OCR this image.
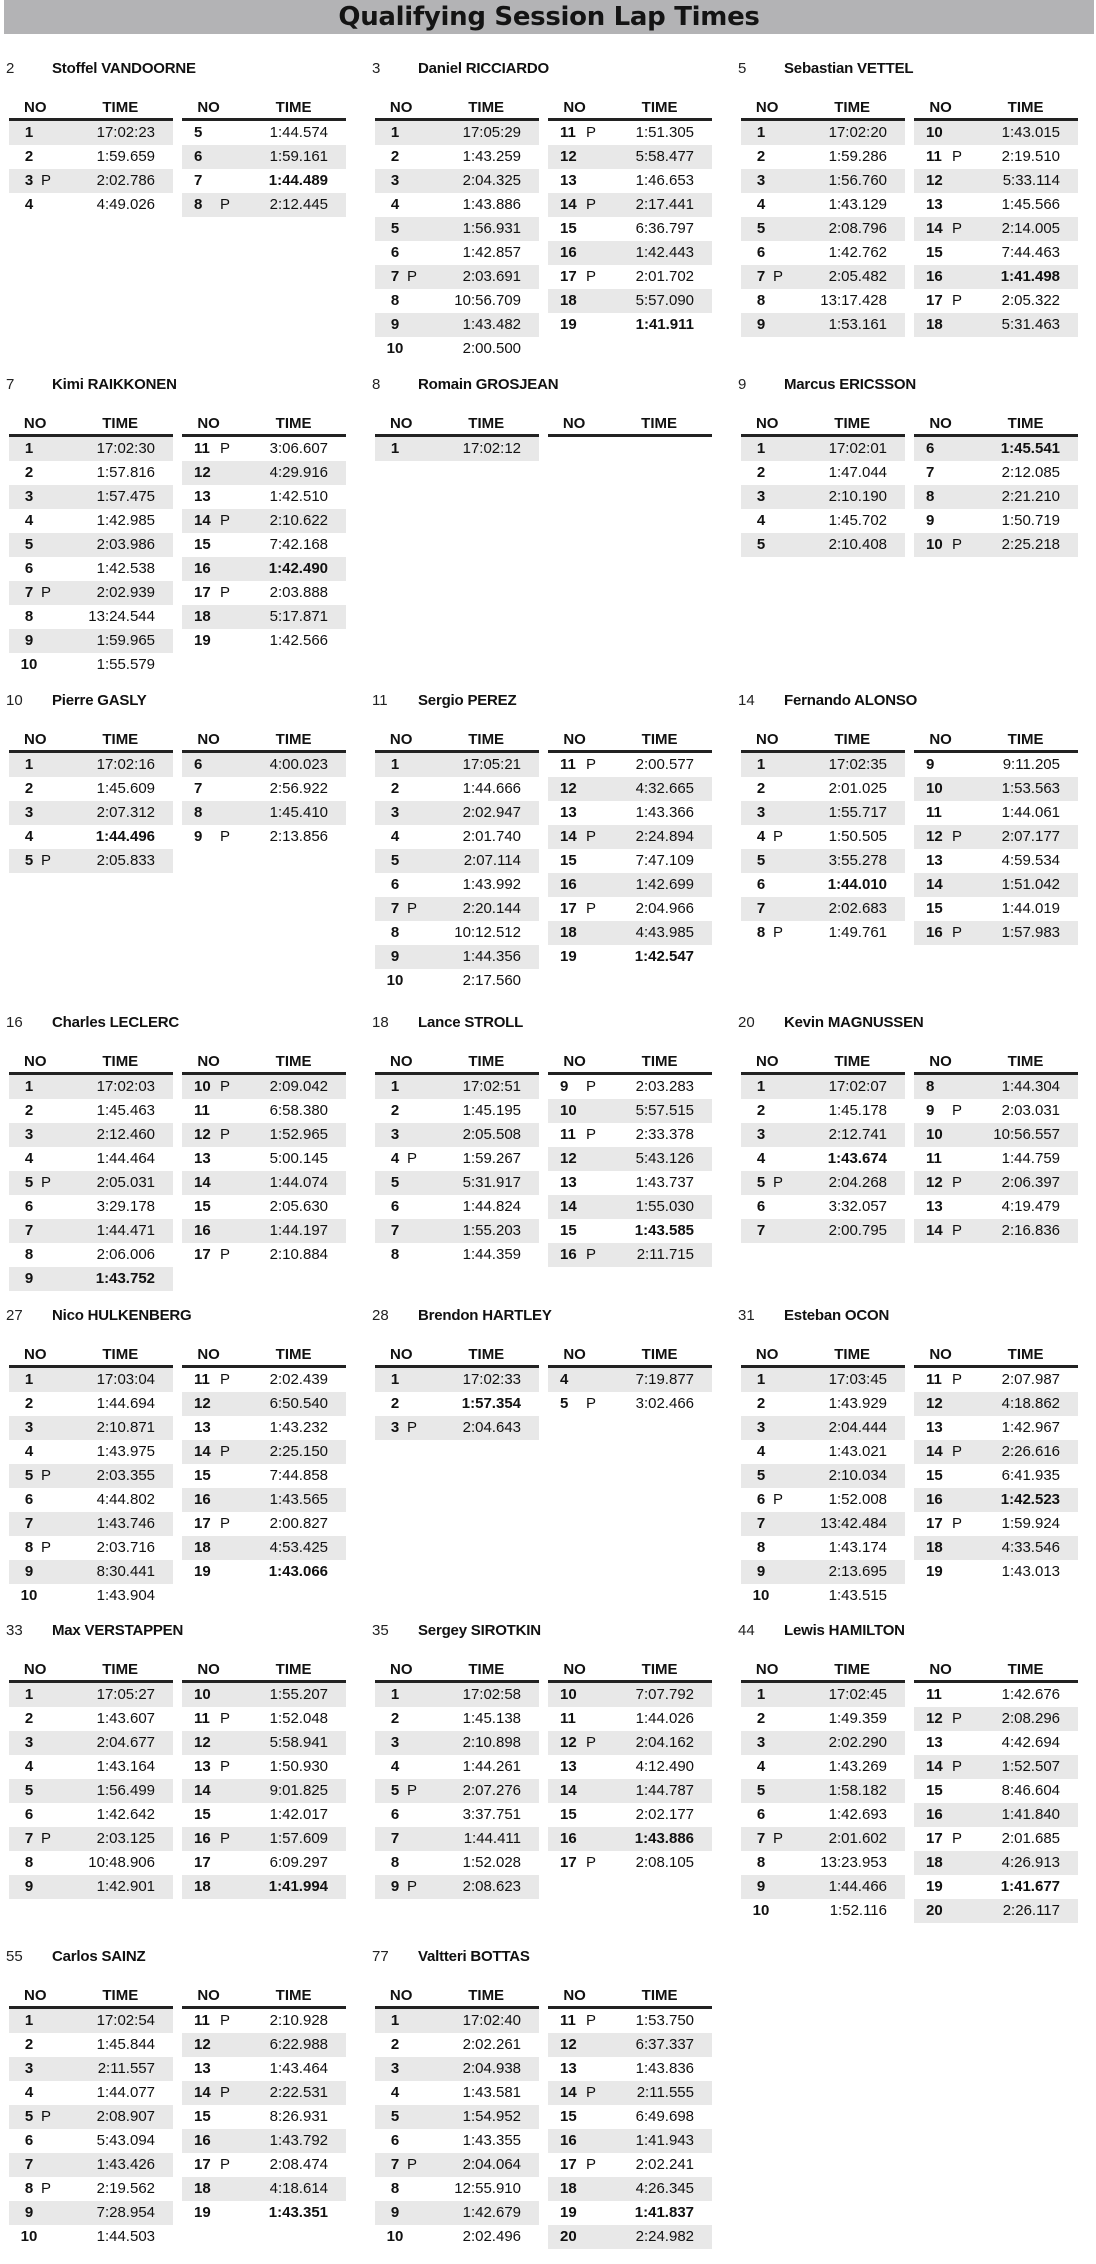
Qualifying Session Lap Times
2	Stoffel VANDOORNE
NO	TIME
1	17:02:23
2	1:59.659
3 P	2:02.786
4	4:49.026
NO	TIME
5	1:44.574
6	1:59.161
7	1:44.489
8 P	2:12.445
3	Daniel RICCIARDO
NO	TIME
1	17:05:29
2	1:43.259
3	2:04.325
4	1:43.886
5	1:56.931
6	1:42.857
7 P	2:03.691
8	10:56.709
9	1:43.482
10	2:00.500
NO	TIME
11 P	1:51.305
12	5:58.477
13	1:46.653
14 P	2:17.441
15	6:36.797
16	1:42.443
17 P	2:01.702
18	5:57.090
19	1:41.911
5	Sebastian VETTEL
NO	TIME
1	17:02:20
2	1:59.286
3	1:56.760
4	1:43.129
5	2:08.796
6	1:42.762
7 P	2:05.482
8	13:17.428
9	1:53.161
NO	TIME
10	1:43.015
11 P	2:19.510
12	5:33.114
13	1:45.566
14 P	2:14.005
15	7:44.463
16	1:41.498
17 P	2:05.322
18	5:31.463
7	Kimi RAIKKONEN
NO	TIME
1	17:02:30
2	1:57.816
3	1:57.475
4	1:42.985
5	2:03.986
6	1:42.538
7 P	2:02.939
8	13:24.544
9	1:59.965
10	1:55.579
NO	TIME
11 P	3:06.607
12	4:29.916
13	1:42.510
14 P	2:10.622
15	7:42.168
16	1:42.490
17 P	2:03.888
18	5:17.871
19	1:42.566
8	Romain GROSJEAN
NO	TIME
1	17:02:12
NO	TIME
9	Marcus ERICSSON
NO	TIME
1	17:02:01
2	1:47.044
3	2:10.190
4	1:45.702
5	2:10.408
NO	TIME
6	1:45.541
7	2:12.085
8	2:21.210
9	1:50.719
10 P	2:25.218
10 Pierre GASLY
NO	TIME
1	17:02:16
2	1:45.609
3	2:07.312
4	1:44.496
5 P	2:05.833
NO	TIME
6	4:00.023
7	2:56.922
8	1:45.410
9 P	2:13.856
11 Sergio PEREZ
NO	TIME
1	17:05:21
2	1:44.666
3	2:02.947
4	2:01.740
5	2:07.114
6	1:43.992
7 P	2:20.144
8	10:12.512
9	1:44.356
10	2:17.560
NO	TIME
11 P	2:00.577
12	4:32.665
13	1:43.366
14 P	2:24.894
15	7:47.109
16	1:42.699
17 P	2:04.966
18	4:43.985
19	1:42.547
14 Fernando ALONSO
NO	TIME
1	17:02:35
2	2:01.025
3	1:55.717
4 P	1:50.505
5	3:55.278
6	1:44.010
7	2:02.683
8 P	1:49.761
NO	TIME
9	9:11.205
10	1:53.563
11	1:44.061
12 P	2:07.177
13	4:59.534
14	1:51.042
15	1:44.019
16 P	1:57.983
16 Charles LECLERC
NO	TIME
1	17:02:03
2	1:45.463
3	2:12.460
4	1:44.464
5 P	2:05.031
6	3:29.178
7	1:44.471
8	2:06.006
9	1:43.752
NO	TIME
10 P	2:09.042
11	6:58.380
12 P	1:52.965
13	5:00.145
14	1:44.074
15	2:05.630
16	1:44.197
17 P	2:10.884
18 Lance STROLL
NO	TIME
1	17:02:51
2	1:45.195
3	2:05.508
4 P	1:59.267
5	5:31.917
6	1:44.824
7	1:55.203
8	1:44.359
NO	TIME
9 P	2:03.283
10	5:57.515
11 P	2:33.378
12	5:43.126
13	1:43.737
14	1:55.030
15	1:43.585
16 P	2:11.715
20 Kevin MAGNUSSEN
NO	TIME
1	17:02:07
2	1:45.178
3	2:12.741
4	1:43.674
5 P	2:04.268
6	3:32.057
7	2:00.795
NO	TIME
8	1:44.304
9 P	2:03.031
10	10:56.557
11	1:44.759
12 P	2:06.397
13	4:19.479
14 P	2:16.836
27 Nico HULKENBERG
NO	TIME
1	17:03:04
2	1:44.694
3	2:10.871
4	1:43.975
5 P	2:03.355
6	4:44.802
7	1:43.746
8 P	2:03.716
9	8:30.441
10	1:43.904
NO	TIME
11 P	2:02.439
12	6:50.540
13	1:43.232
14 P	2:25.150
15	7:44.858
16	1:43.565
17 P	2:00.827
18	4:53.425
19	1:43.066
28 Brendon HARTLEY
NO	TIME
1	17:02:33
2	1:57.354
3 P	2:04.643
NO	TIME
4	7:19.877
5 P	3:02.466
31 Esteban OCON
NO	TIME
1	17:03:45
2	1:43.929
3	2:04.444
4	1:43.021
5	2:10.034
6 P	1:52.008
7	13:42.484
8	1:43.174
9	2:13.695
10	1:43.515
NO	TIME
11 P	2:07.987
12	4:18.862
13	1:42.967
14 P	2:26.616
15	6:41.935
16	1:42.523
17 P	1:59.924
18	4:33.546
19	1:43.013
33 Max VERSTAPPEN
NO	TIME
1	17:05:27
2	1:43.607
3	2:04.677
4	1:43.164
5	1:56.499
6	1:42.642
7 P	2:03.125
8	10:48.906
9	1:42.901
NO	TIME
10	1:55.207
11 P	1:52.048
12	5:58.941
13 P	1:50.930
14	9:01.825
15	1:42.017
16 P	1:57.609
17	6:09.297
18	1:41.994
35 Sergey SIROTKIN
NO	TIME
1	17:02:58
2	1:45.138
3	2:10.898
4	1:44.261
5 P	2:07.276
6	3:37.751
7	1:44.411
8	1:52.028
9 P	2:08.623
NO	TIME
10	7:07.792
11	1:44.026
12 P	2:04.162
13	4:12.490
14	1:44.787
15	2:02.177
16	1:43.886
17 P	2:08.105
44 Lewis HAMILTON
NO	TIME
1	17:02:45
2	1:49.359
3	2:02.290
4	1:43.269
5	1:58.182
6	1:42.693
7 P	2:01.602
8	13:23.953
9	1:44.466
10	1:52.116
NO	TIME
11	1:42.676
12 P	2:08.296
13	4:42.694
14 P	1:52.507
15	8:46.604
16	1:41.840
17 P	2:01.685
18	4:26.913
19	1:41.677
20	2:26.117
55 Carlos SAINZ
NO	TIME
1	17:02:54
2	1:45.844
3	2:11.557
4	1:44.077
5 P	2:08.907
6	5:43.094
7	1:43.426
8 P	2:19.562
9	7:28.954
10	1:44.503
NO	TIME
11 P	2:10.928
12	6:22.988
13	1:43.464
14 P	2:22.531
15	8:26.931
16	1:43.792
17 P	2:08.474
18	4:18.614
19	1:43.351
77 Valtteri BOTTAS
NO	TIME
1	17:02:40
2	2:02.261
3	2:04.938
4	1:43.581
5	1:54.952
6	1:43.355
7 P	2:04.064
8	12:55.910
9	1:42.679
10	2:02.496
NO	TIME
11 P	1:53.750
12	6:37.337
13	1:43.836
14 P	2:11.555
15	6:49.698
16	1:41.943
17 P	2:02.241
18	4:26.345
19	1:41.837
20	2:24.982
